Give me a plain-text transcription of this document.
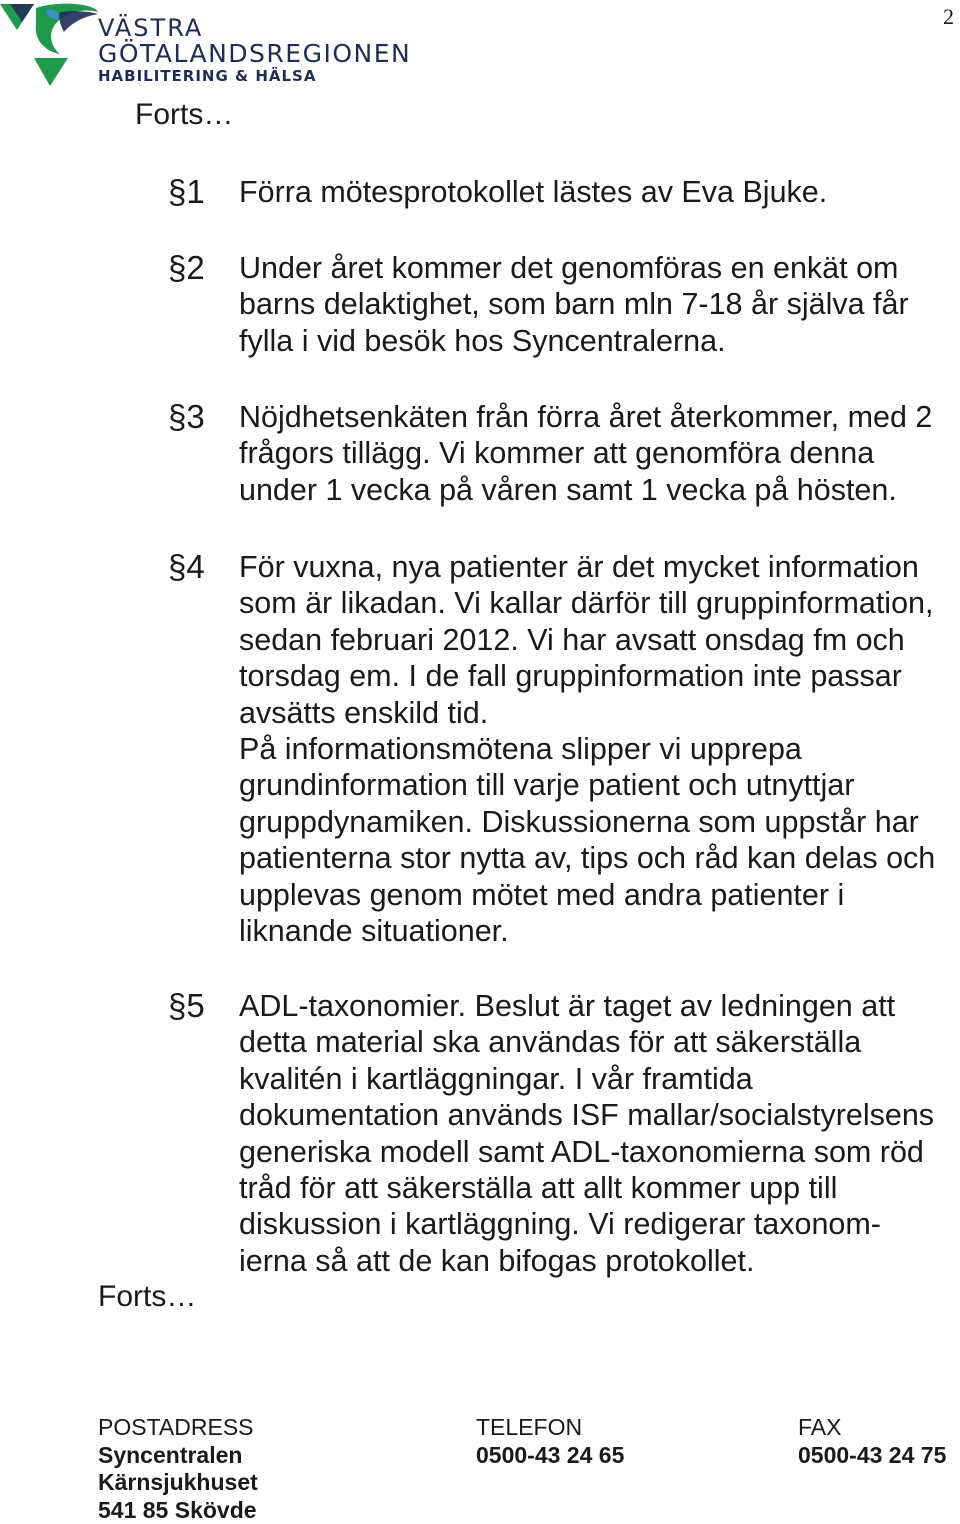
VÄSTRA
GÖTALANDSREGIONEN
HABILITERING & HÄLSA
2
Forts…
§1 Förra mötesprotokollet lästes av Eva Bjuke.
§2 Under året kommer det genomföras en enkät om
barns delaktighet, som barn mln 7-18 år själva får
fylla i vid besök hos Syncentralerna.
§3 Nöjdhetsenkäten från förra året återkommer, med 2
frågors tillägg. Vi kommer att genomföra denna
under 1 vecka på våren samt 1 vecka på hösten.
§4 För vuxna, nya patienter är det mycket information
som är likadan. Vi kallar därför till gruppinformation,
sedan februari 2012. Vi har avsatt onsdag fm och
torsdag em. I de fall gruppinformation inte passar
avsätts enskild tid.
På informationsmötena slipper vi upprepa
grundinformation till varje patient och utnyttjar
gruppdynamiken. Diskussionerna som uppstår har
patienterna stor nytta av, tips och råd kan delas och
upplevas genom mötet med andra patienter i
liknande situationer.
§5 ADL-taxonomier. Beslut är taget av ledningen att
detta material ska användas för att säkerställa
kvalitén i kartläggningar. I vår framtida
dokumentation används ISF mallar/socialstyrelsens
generiska modell samt ADL-taxonomierna som röd
tråd för att säkerställa att allt kommer upp till
diskussion i kartläggning. Vi redigerar taxonom-
ierna så att de kan bifogas protokollet.
Forts…
POSTADRESS
Syncentralen
Kärnsjukhuset
541 85 Skövde
TELEFON
0500-43 24 65
FAX
0500-43 24 75
